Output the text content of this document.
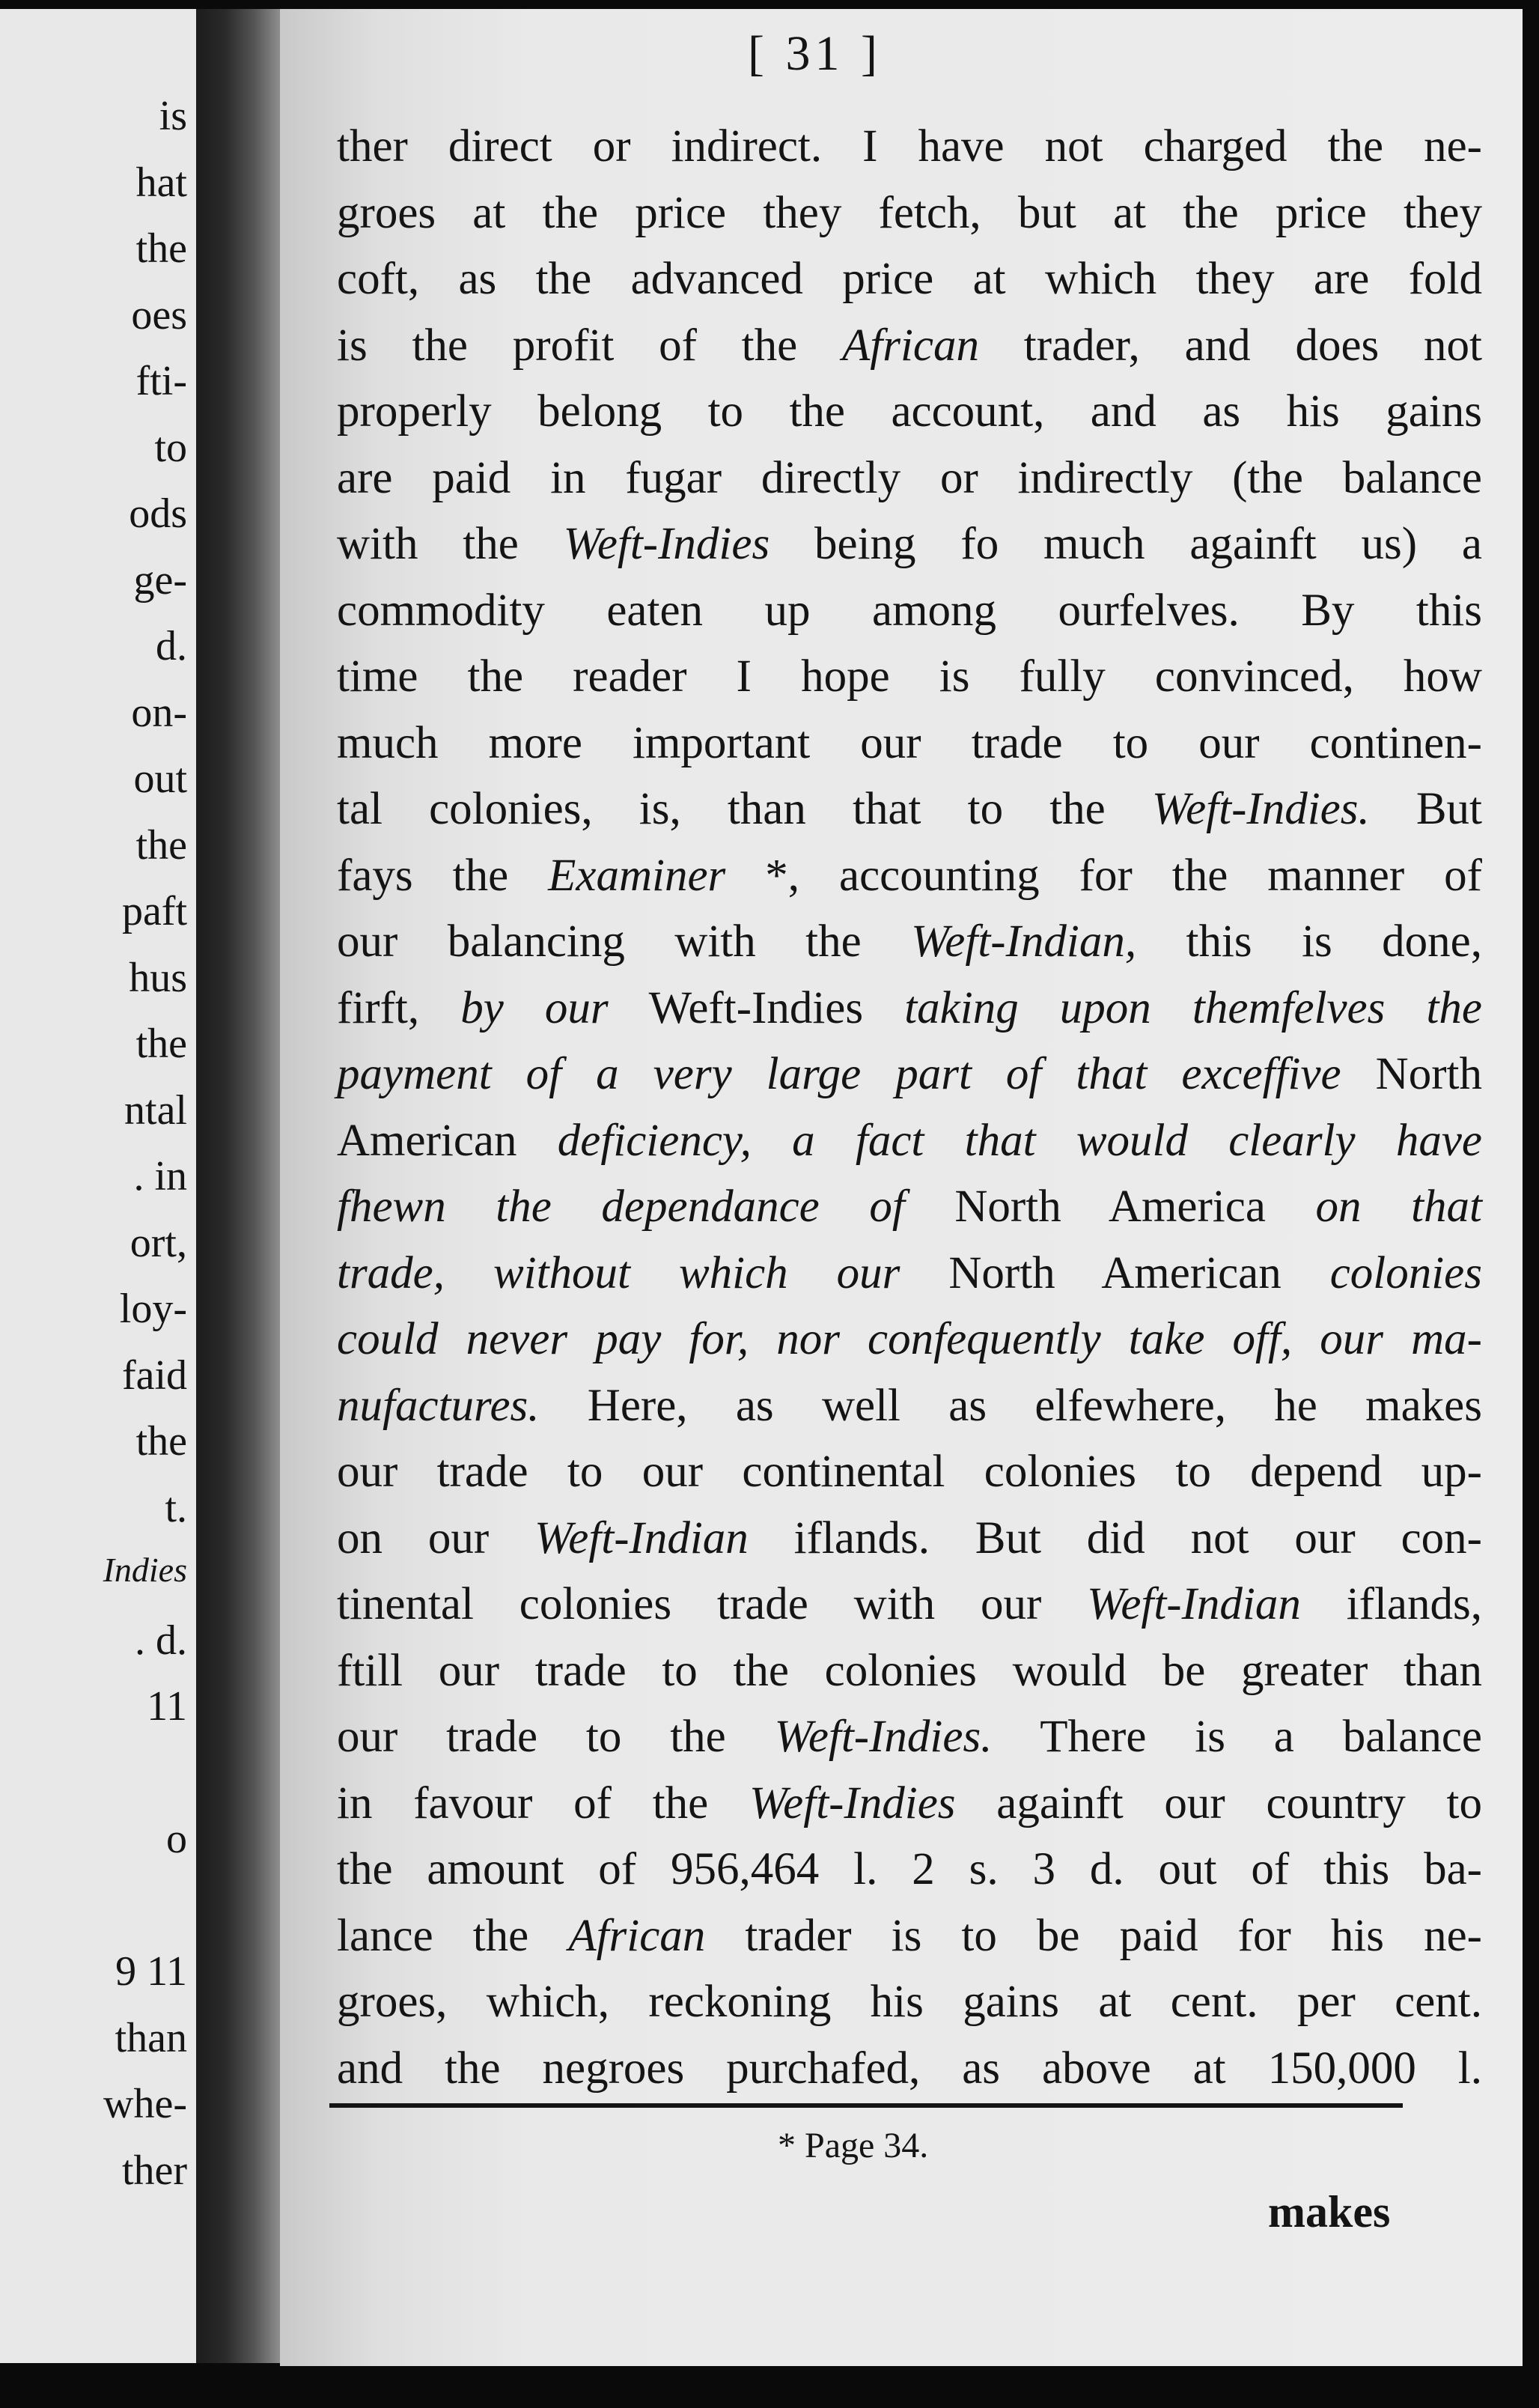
is
hat
the
oes
fti-
to
ods
ge-
d.
on-
out
the
paft
hus
the
ntal
. in
ort,
loy-
faid
the
t.
Indies
. d.
11
o
9 11
than
whe-
ther
[ 31 ]
ther direct or indirect. I have not charged the ne-
groes at the price they fetch, but at the price they
coft, as the advanced price at which they are fold
is the profit of the African trader, and does not
properly belong to the account, and as his gains
are paid in fugar directly or indirectly (the balance
with the Weft-Indies being fo much againft us) a
commodity eaten up among ourfelves. By this
time the reader I hope is fully convinced, how
much more important our trade to our continen-
tal colonies, is, than that to the Weft-Indies. But
fays the Examiner *, accounting for the manner of
our balancing with the Weft-Indian, this is done,
firft, by our Weft-Indies taking upon themfelves the
payment of a very large part of that exceffive North
American deficiency, a fact that would clearly have
fhewn the dependance of North America on that
trade, without which our North American colonies
could never pay for, nor confequently take off, our ma-
nufactures. Here, as well as elfewhere, he makes
our trade to our continental colonies to depend up-
on our Weft-Indian iflands. But did not our con-
tinental colonies trade with our Weft-Indian iflands,
ftill our trade to the colonies would be greater than
our trade to the Weft-Indies. There is a balance
in favour of the Weft-Indies againft our country to
the amount of 956,464 l. 2 s. 3 d. out of this ba-
lance the African trader is to be paid for his ne-
groes, which, reckoning his gains at cent. per cent.
and the negroes purchafed, as above at 150,000 l.
* Page 34.
makes
